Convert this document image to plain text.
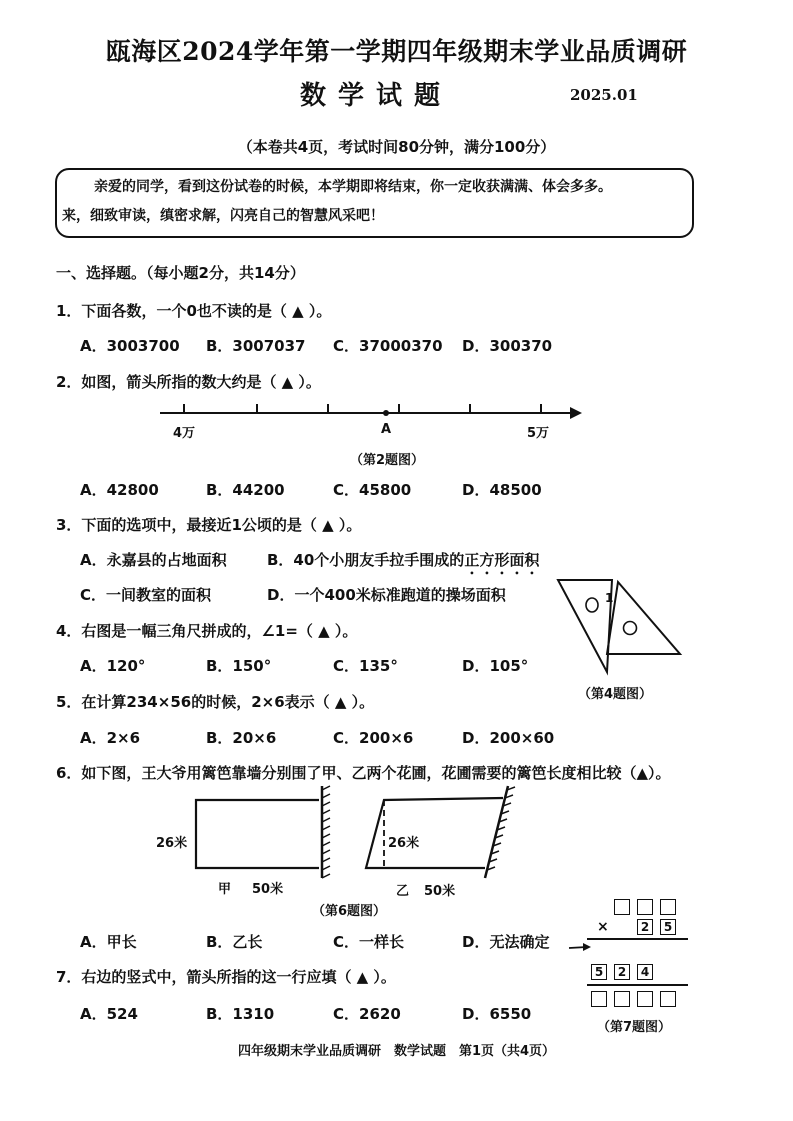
瓯海区2024学年第一学期四年级期末学业品质调研
数学试题	2025.01
（本卷共4页，考试时间80分钟，满分100分）
亲爱的同学，看到这份试卷的时候，本学期即将结束，你一定收获满满、体会多多。
来，细致审读，缜密求解，闪亮自己的智慧风采吧！
一、选择题。（每小题2分，共14分）
1．下面各数，一个0也不读的是（ ▲ ）。
A．3003700 B．3007037 C．37000370 D．300370
2．如图，箭头所指的数大约是（ ▲ ）。
4万	A	5万
（第2题图）
A．42800	B．44200	C．45800	D．48500
3．下面的选项中，最接近1公顷的是（ ▲ ）。
A．永嘉县的占地面积	B．40个小朋友手拉手围成的正方形面积
C．一间教室的面积	D．一个400米标准跑道的操场面积	1
（第4题图）
4．右图是一幅三角尺拼成的，∠1=（ ▲ ）。
A．120°	B．150°	C．135°	D．105°
5．在计算234×56的时候，2×6表示（ ▲ ）。
A．2×6	B．20×6	C．200×6	D．200×60
6．如下图，王大爷用篱笆靠墙分别围了甲、乙两个花圃，花圃需要的篱笆长度相比较（▲）。
26米
甲 50米
26米
乙 50米
（第6题图）
A．甲长	B．乙长	C．一样长	D．无法确定
×	2	5
5	2	4
（第7题图）
7．右边的竖式中，箭头所指的这一行应填（ ▲ ）。
A．524	B．1310	C．2620	D．6550
四年级期末学业品质调研　数学试题　第1页（共4页）
